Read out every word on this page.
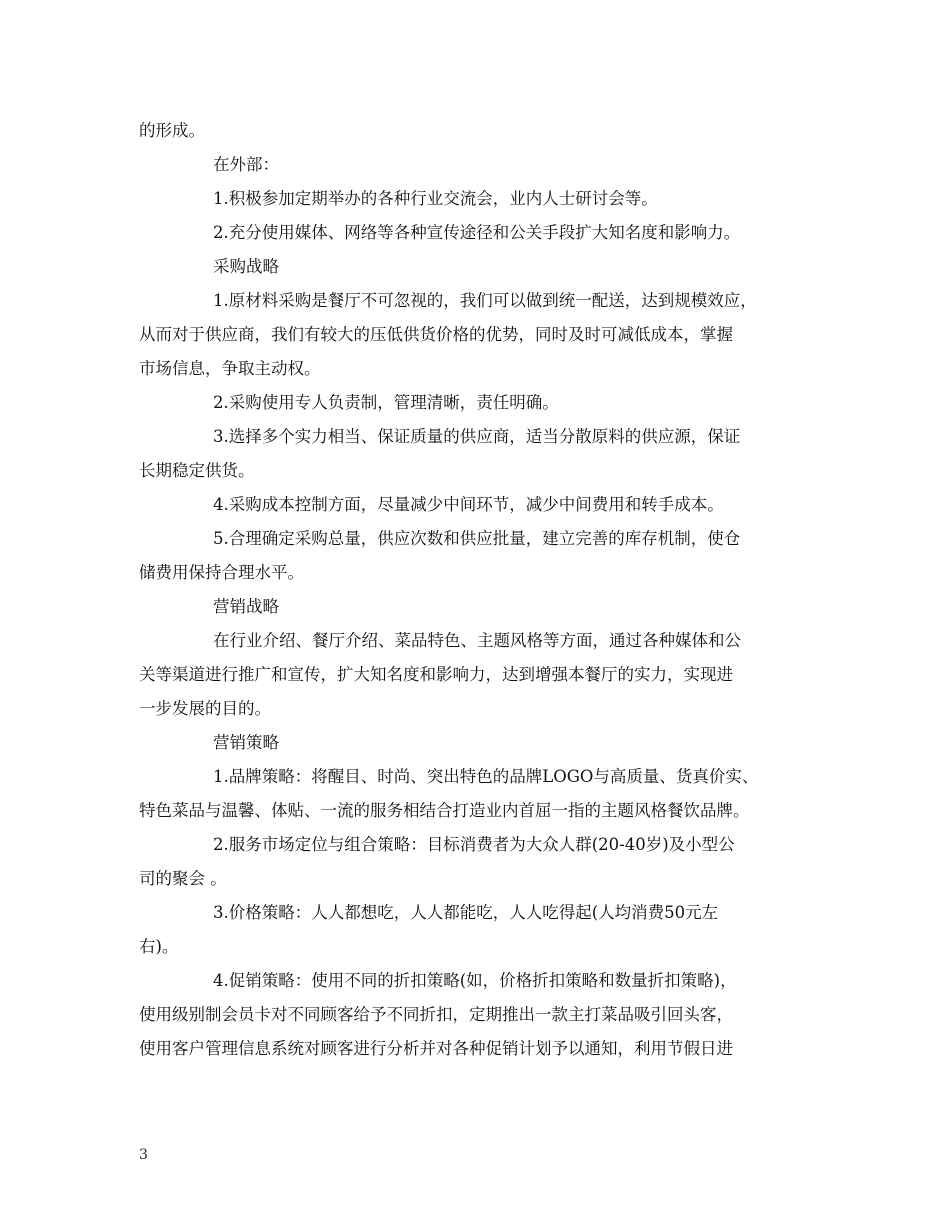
的形成。

在外部：

1.积极参加定期举办的各种行业交流会，业内人士研讨会等。

2.充分使用媒体、网络等各种宣传途径和公关手段扩大知名度和影响力。

采购战略

1.原材料采购是餐厅不可忽视的，我们可以做到统一配送，达到规模效应，

从而对于供应商，我们有较大的压低供货价格的优势，同时及时可减低成本，掌握

市场信息，争取主动权。

2.采购使用专人负责制，管理清晰，责任明确。

3.选择多个实力相当、保证质量的供应商，适当分散原料的供应源，保证

长期稳定供货。

4.采购成本控制方面，尽量减少中间环节，减少中间费用和转手成本。

5.合理确定采购总量，供应次数和供应批量，建立完善的库存机制，使仓

储费用保持合理水平。

营销战略

在行业介绍、餐厅介绍、菜品特色、主题风格等方面，通过各种媒体和公

关等渠道进行推广和宣传，扩大知名度和影响力，达到增强本餐厅的实力，实现进

一步发展的目的。

营销策略

1.品牌策略：将醒目、时尚、突出特色的品牌LOGO与高质量、货真价实、

特色菜品与温馨、体贴、一流的服务相结合打造业内首屈一指的主题风格餐饮品牌。

2.服务市场定位与组合策略：目标消费者为大众人群(20-40岁)及小型公

司的聚会 。

3.价格策略：人人都想吃，人人都能吃，人人吃得起(人均消费50元左

右)。

4.促销策略：使用不同的折扣策略(如，价格折扣策略和数量折扣策略)，

使用级别制会员卡对不同顾客给予不同折扣，定期推出一款主打菜品吸引回头客，

使用客户管理信息系统对顾客进行分析并对各种促销计划予以通知，利用节假日进

3
